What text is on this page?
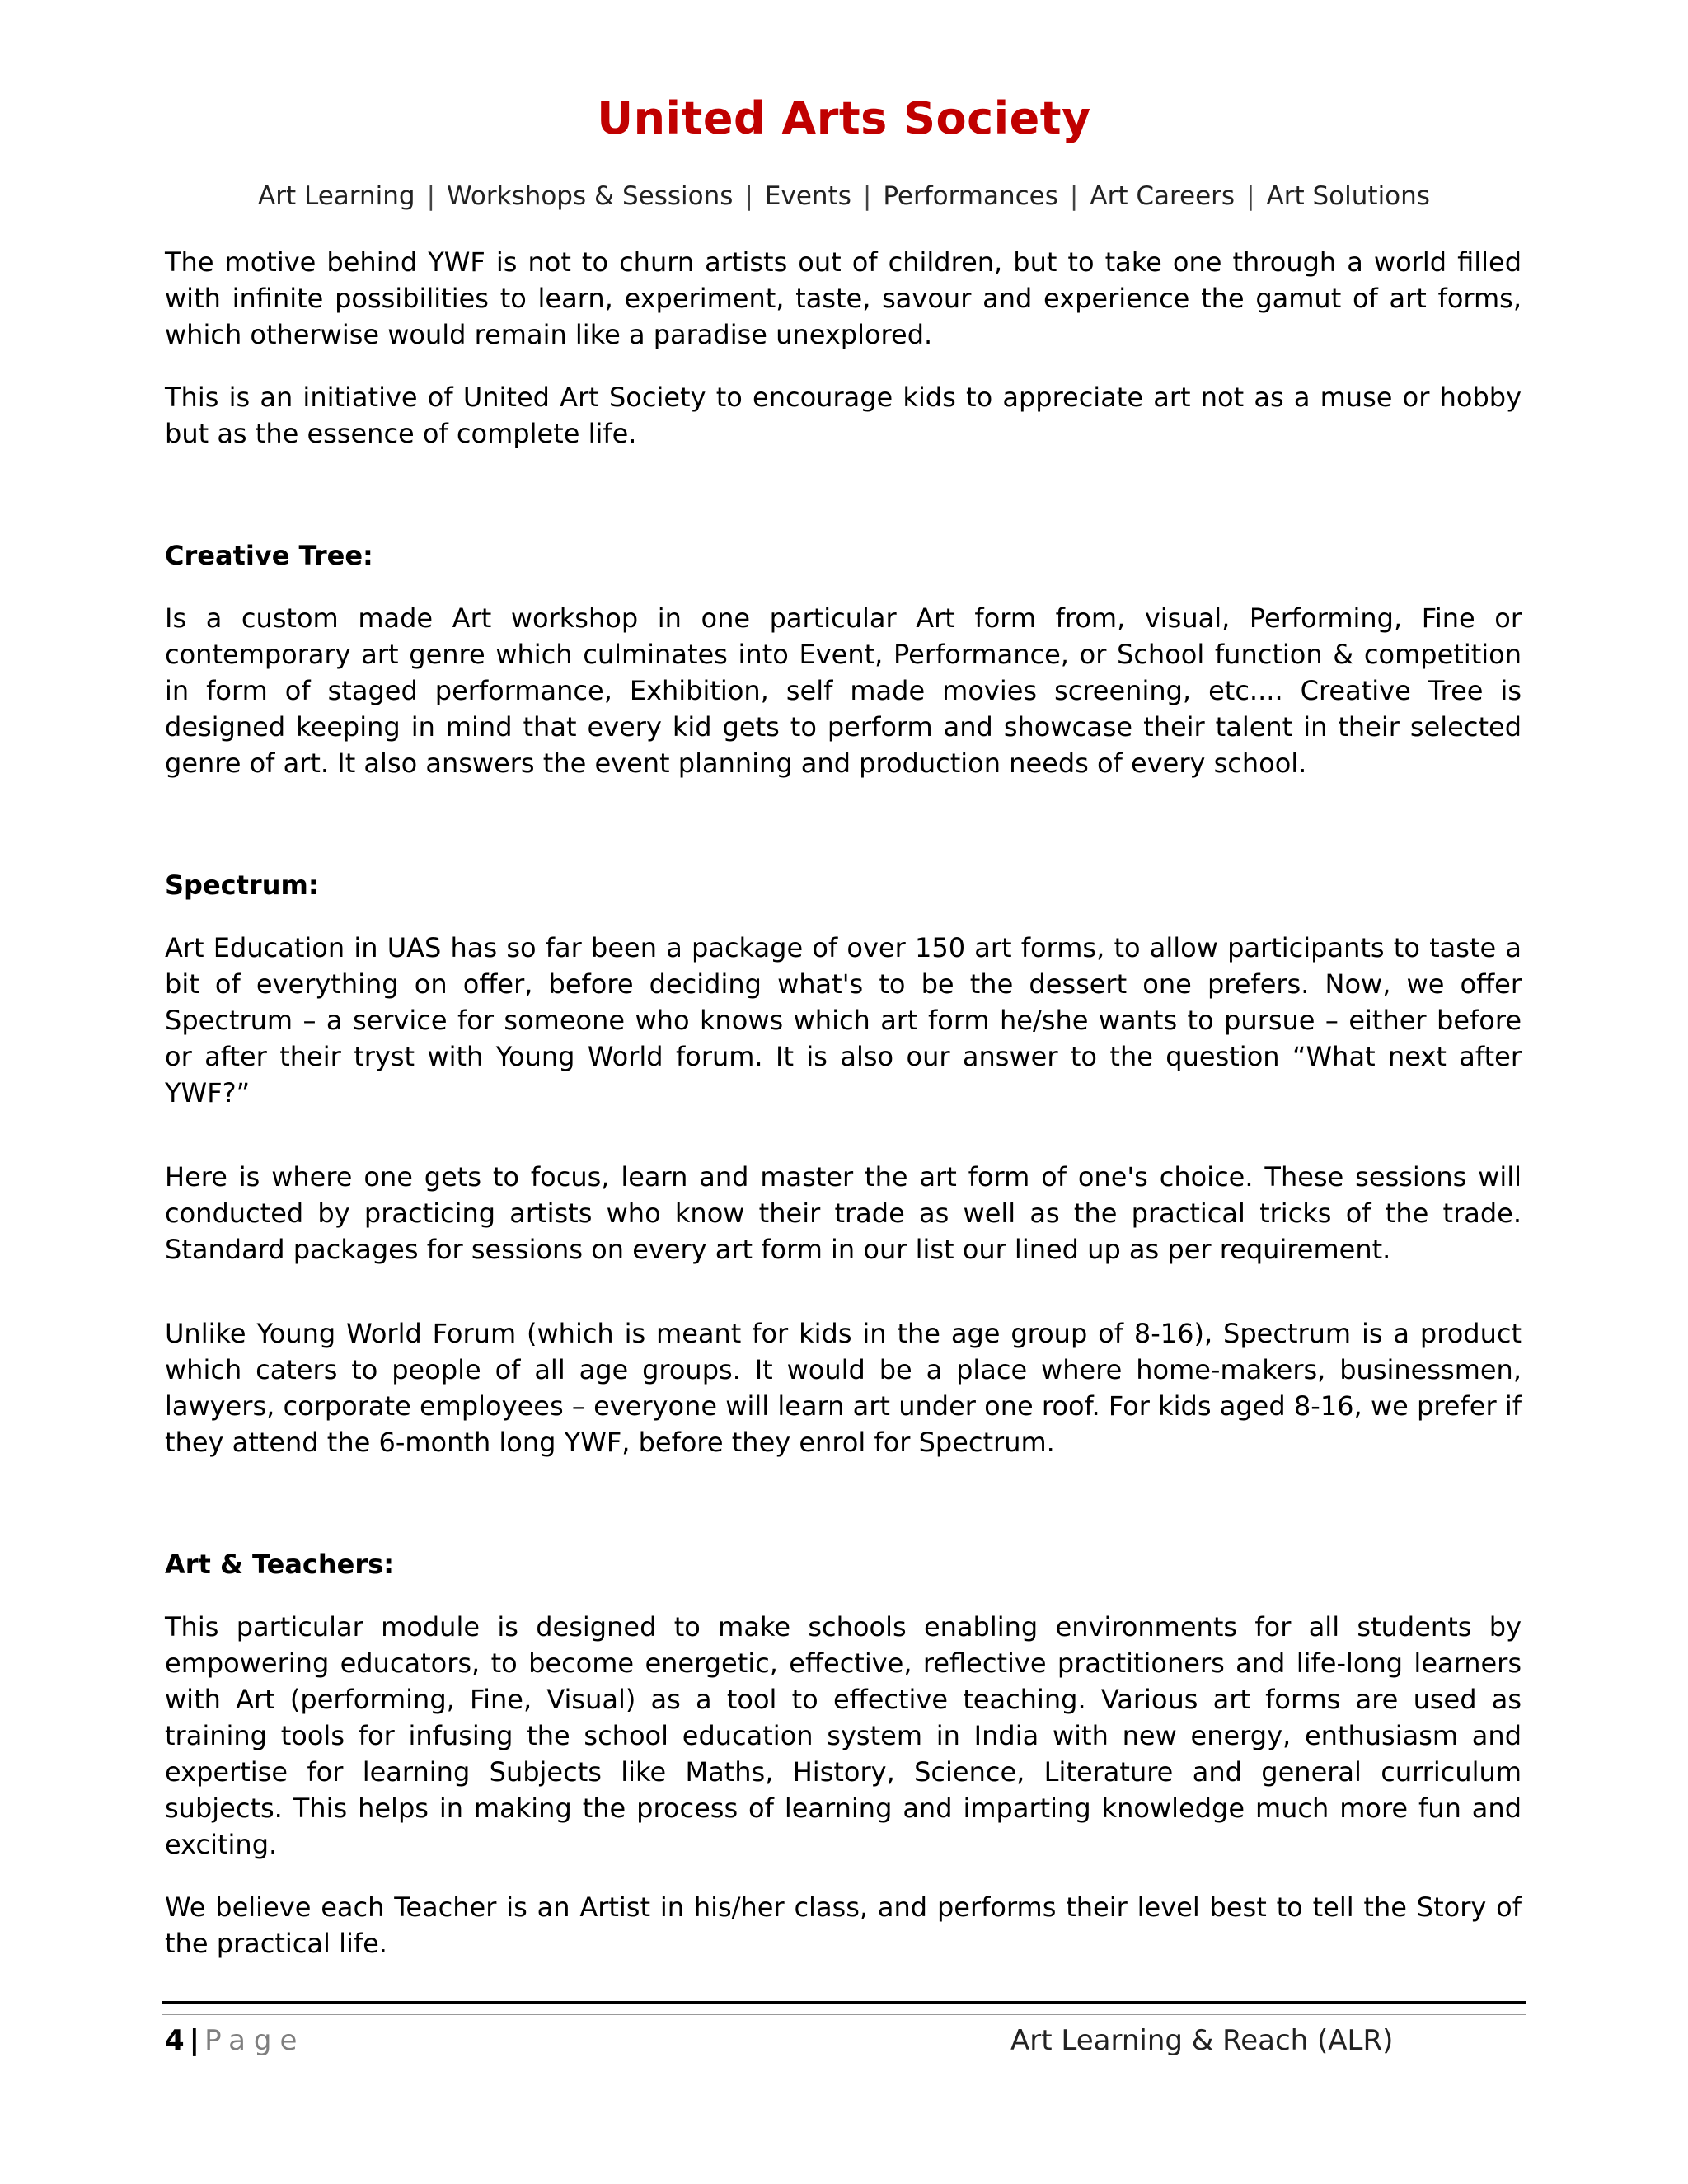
United Arts Society
Art Learning | Workshops & Sessions | Events | Performances | Art Careers | Art Solutions

The motive behind YWF is not to churn artists out of children, but to take one through a world filled with infinite possibilities to learn, experiment, taste, savour and experience the gamut of art forms, which otherwise would remain like a paradise unexplored.

This is an initiative of United Art Society to encourage kids to appreciate art not as a muse or hobby but as the essence of complete life.

Creative Tree:

Is a custom made Art workshop in one particular Art form from, visual, Performing, Fine or contemporary art genre which culminates into Event, Performance, or School function & competition in form of staged performance, Exhibition, self made movies screening, etc.... Creative Tree is designed keeping in mind that every kid gets to perform and showcase their talent in their selected genre of art. It also answers the event planning and production needs of every school.

Spectrum:

Art Education in UAS has so far been a package of over 150 art forms, to allow participants to taste a bit of everything on offer, before deciding what's to be the dessert one prefers. Now, we offer Spectrum – a service for someone who knows which art form he/she wants to pursue – either before or after their tryst with Young World forum. It is also our answer to the question “What next after YWF?”

Here is where one gets to focus, learn and master the art form of one's choice. These sessions will conducted by practicing artists who know their trade as well as the practical tricks of the trade. Standard packages for sessions on every art form in our list our lined up as per requirement.

Unlike Young World Forum (which is meant for kids in the age group of 8-16), Spectrum is a product which caters to people of all age groups. It would be a place where home-makers, businessmen, lawyers, corporate employees – everyone will learn art under one roof. For kids aged 8-16, we prefer if they attend the 6-month long YWF, before they enrol for Spectrum.

Art & Teachers:

This particular module is designed to make schools enabling environments for all students by empowering educators, to become energetic, effective, reflective practitioners and life-long learners with Art (performing, Fine, Visual) as a tool to effective teaching. Various art forms are used as training tools for infusing the school education system in India with new energy, enthusiasm and expertise for learning Subjects like Maths, History, Science, Literature and general curriculum subjects. This helps in making the process of learning and imparting knowledge much more fun and exciting.

We believe each Teacher is an Artist in his/her class, and performs their level best to tell the Story of the practical life.

4 | Page	Art Learning & Reach (ALR)
